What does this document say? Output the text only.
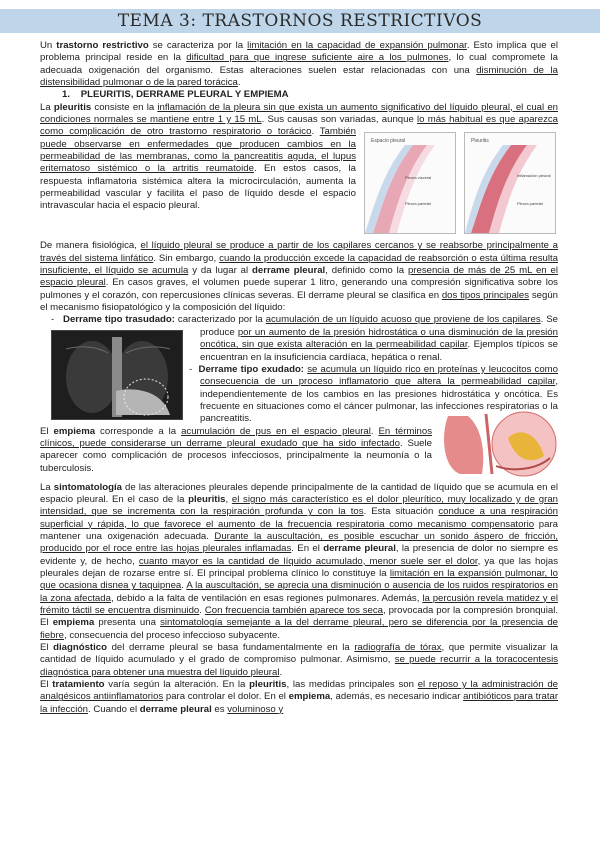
TEMA 3: TRASTORNOS RESTRICTIVOS

Un trastorno restrictivo se caracteriza por la limitación en la capacidad de expansión pulmonar. Esto implica que el problema principal reside en la dificultad para que ingrese suficiente aire a los pulmones, lo cual compromete la adecuada oxigenación del organismo. Estas alteraciones suelen estar relacionadas con una disminución de la distensibilidad pulmonar o de la pared torácica.

1. PLEURITIS, DERRAME PLEURAL Y EMPIEMA

La pleuritis consiste en la inflamación de la pleura sin que exista un aumento significativo del líquido pleural, el cual en condiciones normales se mantiene entre 1 y 15 mL. Sus causas son variadas, aunque
Espacio pleural
Pleura visceral
Pleura parietal
Pleuritis
Inflamación pleural
Pleura parietal
lo más habitual es que aparezca como complicación de otro trastorno respiratorio o torácico. También puede observarse en enfermedades que producen cambios en la permeabilidad de las membranas, como la pancreatitis aguda, el lupus eritematoso sistémico o la artritis reumatoide. En estos casos, la respuesta inflamatoria sistémica altera la microcirculación, aumenta la permeabilidad vascular y facilita el paso de líquido desde el espacio intravascular hacia el espacio pleural.

De manera fisiológica, el líquido pleural se produce a partir de los capilares cercanos y se reabsorbe principalmente a través del sistema linfático. Sin embargo, cuando la producción excede la capacidad de reabsorción o esta última resulta insuficiente, el líquido se acumula y da lugar al derrame pleural, definido como la presencia de más de 25 mL en el espacio pleural. En casos graves, el volumen puede superar 1 litro, generando una compresión significativa sobre los pulmones y el corazón, con repercusiones clínicas severas. El derrame pleural se clasifica en dos tipos principales según el mecanismo fisiopatológico y la composición del líquido:

- Derrame tipo trasudado: caracterizado por la acumulación de un líquido acuoso que proviene de los capilares. Se produce
por un aumento de la presión hidrostática o una disminución de la presión oncótica, sin que exista alteración en la permeabilidad capilar. Ejemplos típicos se encuentran en la insuficiencia cardíaca, hepática o renal.

- Derrame tipo exudado: se acumula un líquido rico en proteínas y leucocitos como consecuencia de un proceso inflamatorio que altera la permeabilidad capilar, independientemente de los cambios en las presiones hidrostática y oncótica. Es frecuente en situaciones como el cáncer pulmonar, las infecciones respiratorias o la pancreatitis.

El empiema corresponde a la acumulación de pus en el espacio pleural. En términos clínicos, puede considerarse un derrame pleural exudado que ha sido infectado. Suele aparecer como complicación de procesos infecciosos, principalmente la neumonía o la tuberculosis.

La sintomatología de las alteraciones pleurales depende principalmente de la cantidad de líquido que se acumula en el espacio pleural. En el caso de la pleuritis, el signo más característico es el dolor pleurítico, muy localizado y de gran intensidad, que se incrementa con la respiración profunda y con la tos. Esta situación conduce a una respiración superficial y rápida, lo que favorece el aumento de la frecuencia respiratoria como mecanismo compensatorio para mantener una oxigenación adecuada. Durante la auscultación, es posible escuchar un sonido áspero de fricción, producido por el roce entre las hojas pleurales inflamadas. En el derrame pleural, la presencia de dolor no siempre es evidente y, de hecho, cuanto mayor es la cantidad de líquido acumulado, menor suele ser el dolor, ya que las hojas pleurales dejan de rozarse entre sí. El principal problema clínico lo constituye la limitación en la expansión pulmonar, lo que ocasiona disnea y taquipnea. A la auscultación, se aprecia una disminución o ausencia de los ruidos respiratorios en la zona afectada, debido a la falta de ventilación en esas regiones pulmonares. Además, la percusión revela matidez y el frémito táctil se encuentra disminuido. Con frecuencia también aparece tos seca, provocada por la compresión bronquial. El empiema presenta una sintomatología semejante a la del derrame pleural, pero se diferencia por la presencia de fiebre, consecuencia del proceso infeccioso subyacente.

El diagnóstico del derrame pleural se basa fundamentalmente en la radiografía de tórax, que permite visualizar la cantidad de líquido acumulado y el grado de compromiso pulmonar. Asimismo, se puede recurrir a la toracocentesis diagnóstica para obtener una muestra del líquido pleural.

El tratamiento varía según la alteración. En la pleuritis, las medidas principales son el reposo y la administración de analgésicos antiinflamatorios para controlar el dolor. En el empiema, además, es necesario indicar antibióticos para tratar la infección. Cuando el derrame pleural es voluminoso y
